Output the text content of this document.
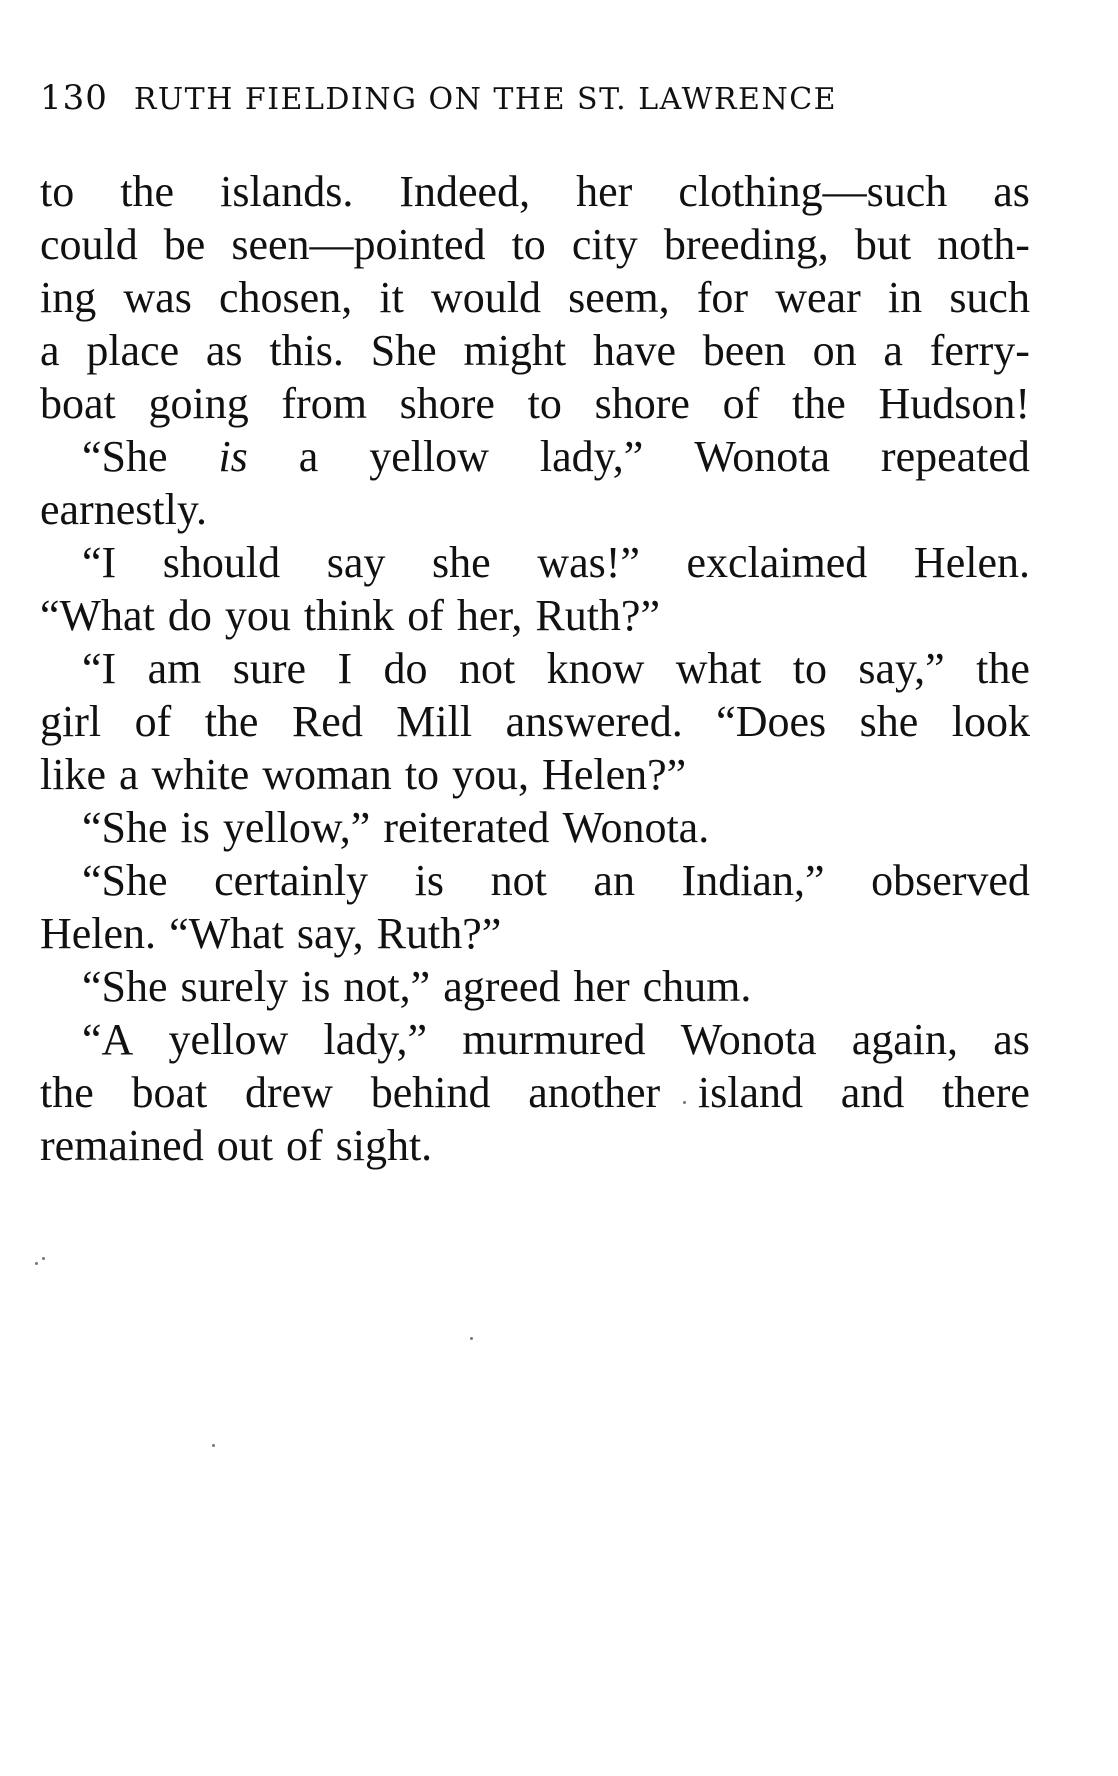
130 RUTH FIELDING ON THE ST. LAWRENCE
to the islands. Indeed, her clothing—such as
could be seen—pointed to city breeding, but noth-
ing was chosen, it would seem, for wear in such
a place as this. She might have been on a ferry-
boat going from shore to shore of the Hudson!
“She is a yellow lady,” Wonota repeated
earnestly.
“I should say she was!” exclaimed Helen.
“What do you think of her, Ruth?”
“I am sure I do not know what to say,” the
girl of the Red Mill answered. “Does she look
like a white woman to you, Helen?”
“She is yellow,” reiterated Wonota.
“She certainly is not an Indian,” observed
Helen. “What say, Ruth?”
“She surely is not,” agreed her chum.
“A yellow lady,” murmured Wonota again, as
the boat drew behind another island and there
remained out of sight.
